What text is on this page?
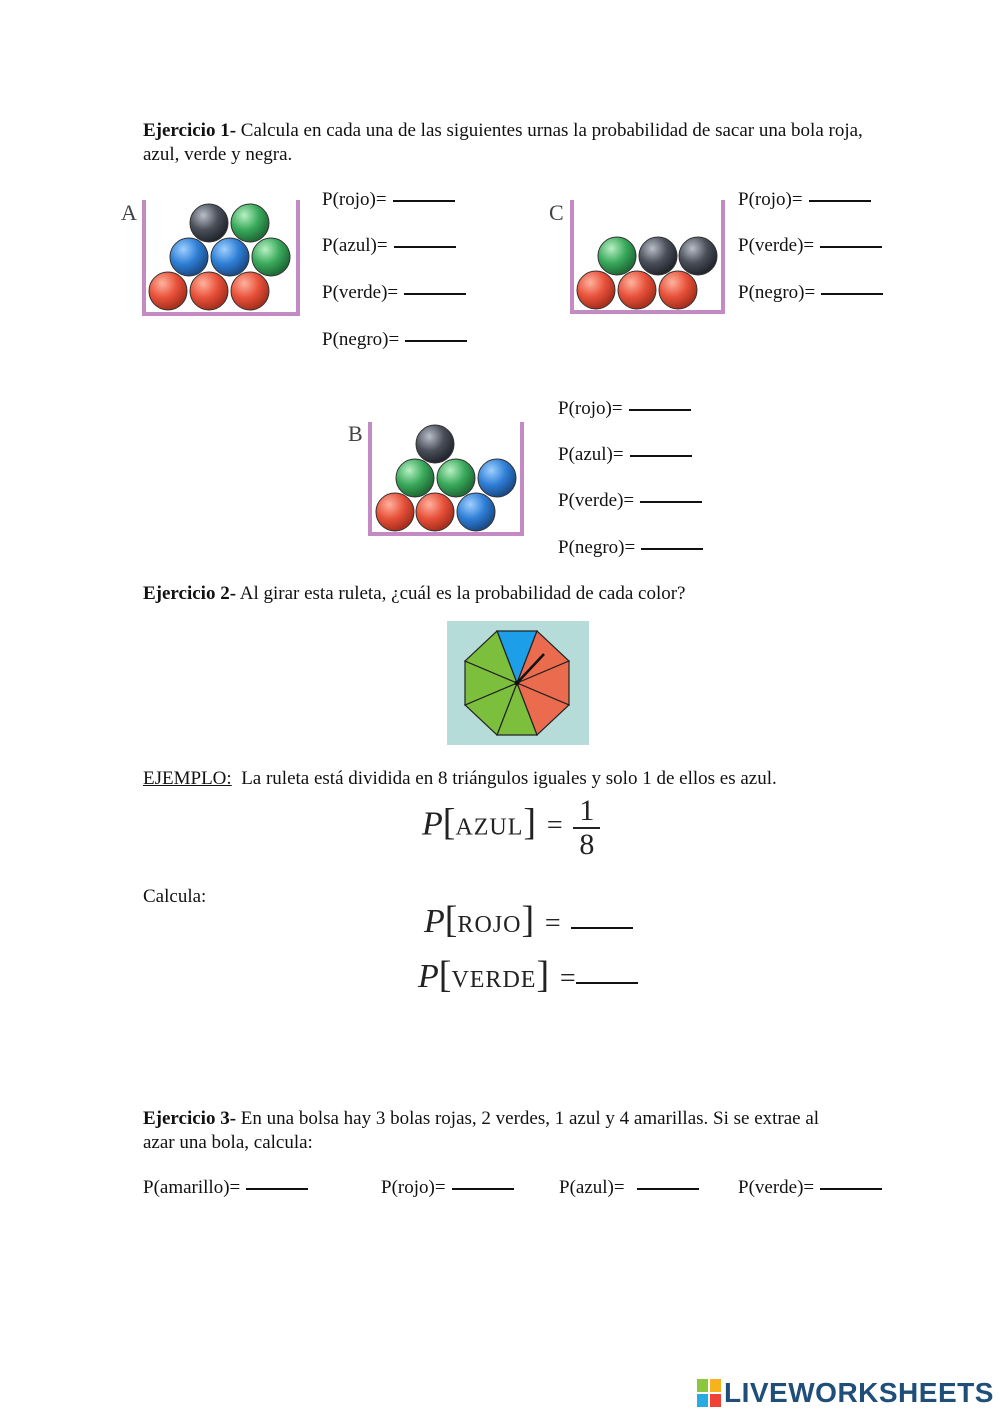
Ejercicio 1- Calcula en cada una de las siguientes urnas la probabilidad de sacar una bola roja, azul, verde y negra.
A
P(rojo)=
P(azul)=
P(verde)=
P(negro)=
C
P(rojo)=
P(verde)=
P(negro)=
B
P(rojo)=
P(azul)=
P(verde)=
P(negro)=
Ejercicio 2- Al girar esta ruleta, ¿cuál es la probabilidad de cada color?
EJEMPLO: La ruleta está dividida en 8 triángulos iguales y solo 1 de ellos es azul.
P[AZUL] = $\frac{1}{8}$
Calcula:
P[ROJO] =
P[VERDE] =
Ejercicio 3- En una bolsa hay 3 bolas rojas, 2 verdes, 1 azul y 4 amarillas. Si se extrae al azar una bola, calcula:
P(amarillo)=	P(rojo)=	P(azul)=	P(verde)=
LIVEWORKSHEETS
